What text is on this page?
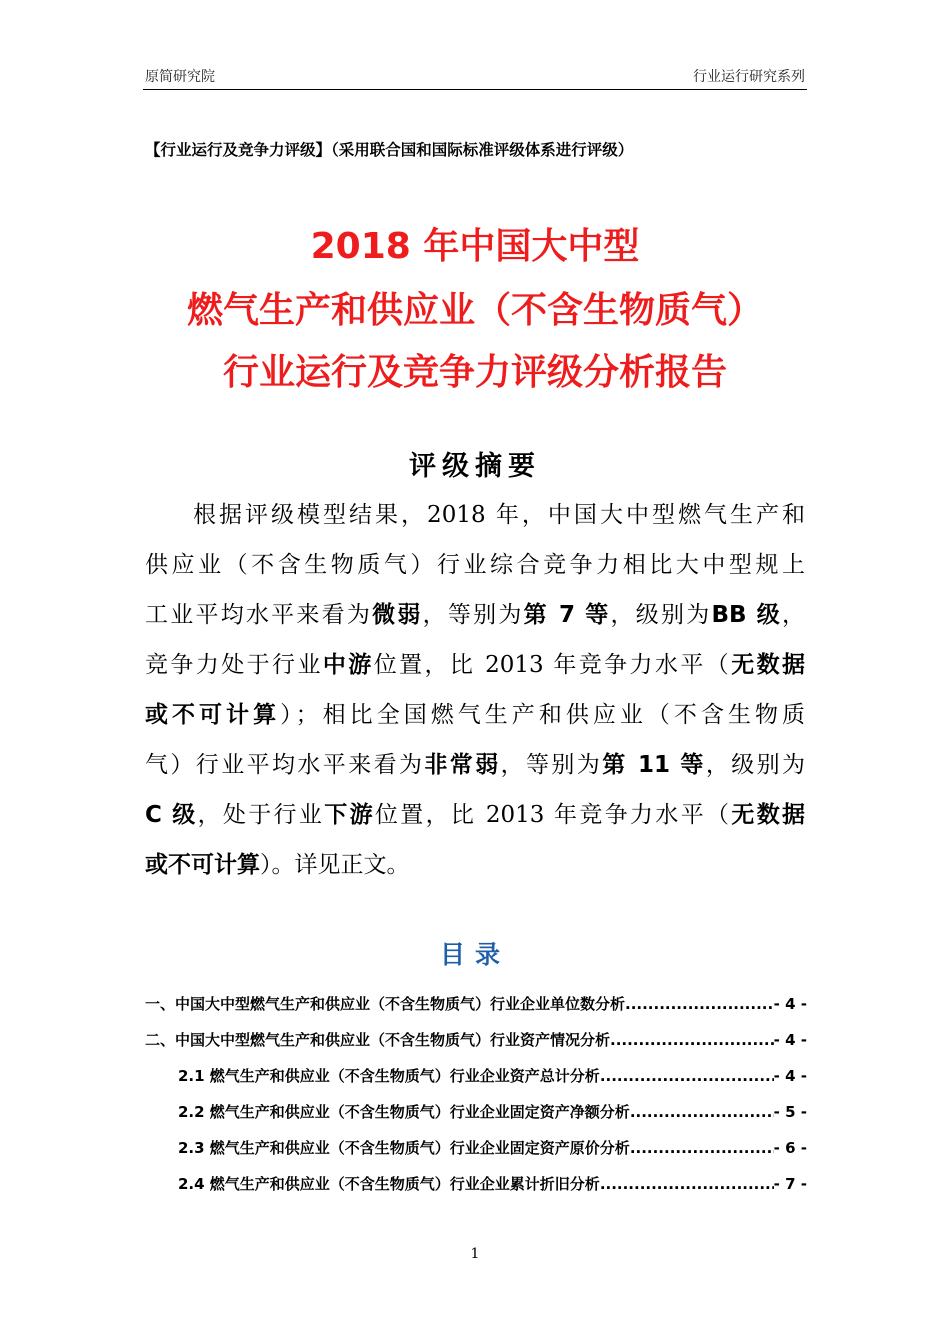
原简研究院	行业运行研究系列
【行业运行及竞争力评级】（采用联合国和国际标准评级体系进行评级）
2018 年中国大中型
燃气生产和供应业（不含生物质气）
行业运行及竞争力评级分析报告
评级摘要
根据评级模型结果，2018 年，中国大中型燃气生产和
供应业（不含生物质气）行业综合竞争力相比大中型规上
工业平均水平来看为微弱，等别为第 7 等，级别为BB 级，
竞争力处于行业中游位置，比 2013 年竞争力水平（无数据
或不可计算）；相比全国燃气生产和供应业（不含生物质
气）行业平均水平来看为非常弱，等别为第 11 等，级别为
C 级，处于行业下游位置，比 2013 年竞争力水平（无数据
或不可计算）。详见正文。
目录
一、中国大中型燃气生产和供应业（不含生物质气）行业企业单位数分析 .....	- 4 -
二、中国大中型燃气生产和供应业（不含生物质气）行业资产情况分析 .....	- 4 -
2.1 燃气生产和供应业（不含生物质气）行业企业资产总计分析 .....	- 4 -
2.2 燃气生产和供应业（不含生物质气）行业企业固定资产净额分析 .....	- 5 -
2.3 燃气生产和供应业（不含生物质气）行业企业固定资产原价分析 .....	- 6 -
2.4 燃气生产和供应业（不含生物质气）行业企业累计折旧分析 .....	- 7 -
1
